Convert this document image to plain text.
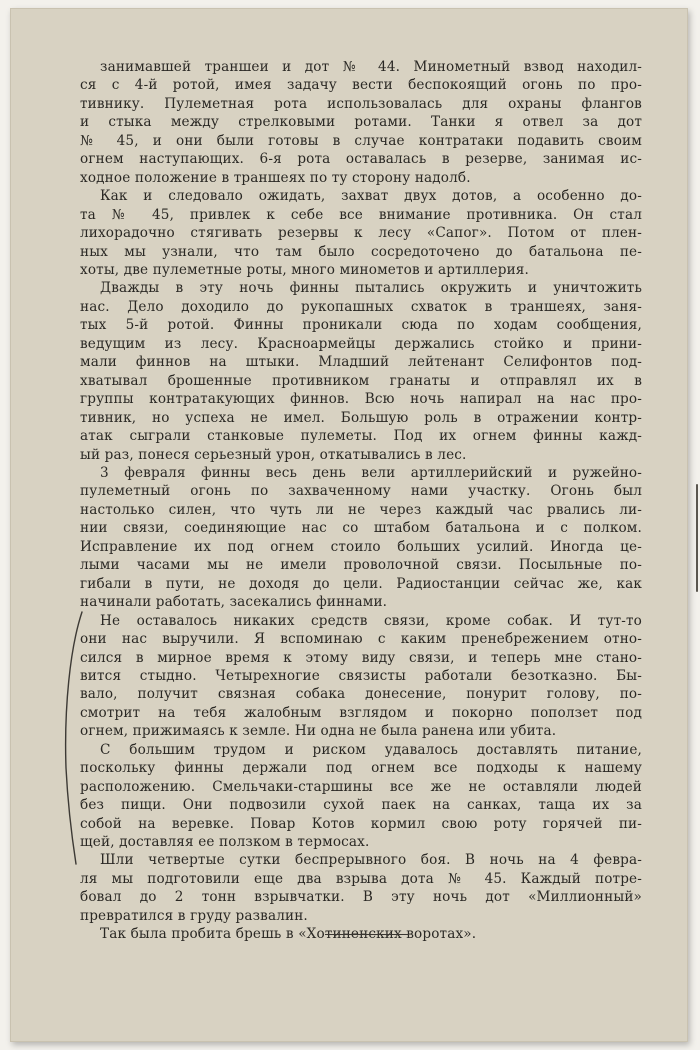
занимавшей траншеи и дот № 44. Минометный взвод находил-
ся с 4-й ротой, имея задачу вести беспокоящий огонь по про-
тивнику. Пулеметная рота использовалась для охраны флангов
и стыка между стрелковыми ротами. Танки я отвел за дот
№ 45, и они были готовы в случае контратаки подавить своим
огнем наступающих. 6-я рота оставалась в резерве, занимая ис-
ходное положение в траншеях по ту сторону надолб.
Как и следовало ожидать, захват двух дотов, а особенно до-
та № 45, привлек к себе все внимание противника. Он стал
лихорадочно стягивать резервы к лесу «Сапог». Потом от плен-
ных мы узнали, что там было сосредоточено до батальона пе-
хоты, две пулеметные роты, много минометов и артиллерия.
Дважды в эту ночь финны пытались окружить и уничтожить
нас. Дело доходило до рукопашных схваток в траншеях, заня-
тых 5-й ротой. Финны проникали сюда по ходам сообщения,
ведущим из лесу. Красноармейцы держались стойко и прини-
мали финнов на штыки. Младший лейтенант Селифонтов под-
хватывал брошенные противником гранаты и отправлял их в
группы контратакующих финнов. Всю ночь напирал на нас про-
тивник, но успеха не имел. Большую роль в отражении контр-
атак сыграли станковые пулеметы. Под их огнем финны кажд-
ый раз, понеся серьезный урон, откатывались в лес.
3 февраля финны весь день вели артиллерийский и ружейно-
пулеметный огонь по захваченному нами участку. Огонь был
настолько силен, что чуть ли не через каждый час рвались ли-
нии связи, соединяющие нас со штабом батальона и с полком.
Исправление их под огнем стоило больших усилий. Иногда це-
лыми часами мы не имели проволочной связи. Посыльные по-
гибали в пути, не доходя до цели. Радиостанции сейчас же, как
начинали работать, засекались финнами.
Не оставалось никаких средств связи, кроме собак. И тут-то
они нас выручили. Я вспоминаю с каким пренебрежением отно-
сился в мирное время к этому виду связи, и теперь мне стано-
вится стыдно. Четырехногие связисты работали безотказно. Бы-
вало, получит связная собака донесение, понурит голову, по-
смотрит на тебя жалобным взглядом и покорно поползет под
огнем, прижимаясь к земле. Ни одна не была ранена или убита.
С большим трудом и риском удавалось доставлять питание,
поскольку финны держали под огнем все подходы к нашему
расположению. Смельчаки-старшины все же не оставляли людей
без пищи. Они подвозили сухой паек на санках, таща их за
собой на веревке. Повар Котов кормил свою роту горячей пи-
щей, доставляя ее ползком в термосах.
Шли четвертые сутки беспрерывного боя. В ночь на 4 февра-
ля мы подготовили еще два взрыва дота № 45. Каждый потре-
бовал до 2 тонн взрывчатки. В эту ночь дот «Миллионный»
превратился в груду развалин.
Так была пробита брешь в «Хотиненских воротах».
